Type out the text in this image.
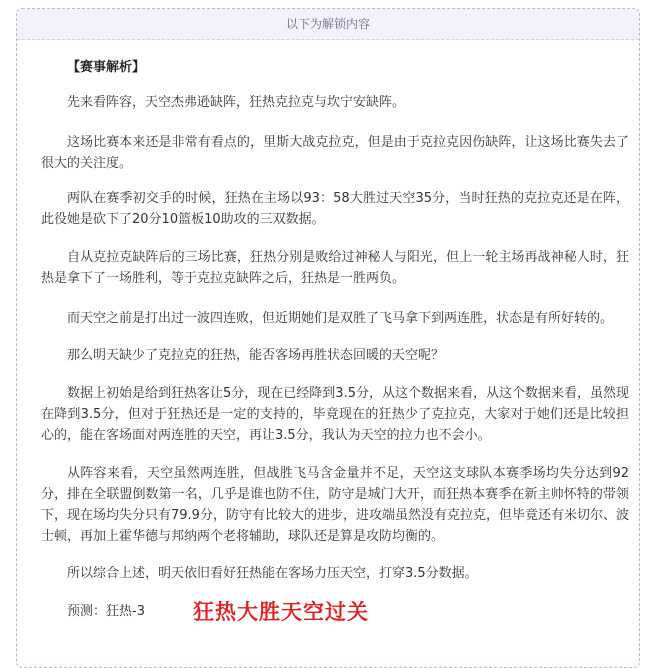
以下为解锁内容
【赛事解析】

先来看阵容，天空杰弗逊缺阵，狂热克拉克与坎宁安缺阵。

这场比赛本来还是非常有看点的，里斯大战克拉克，但是由于克拉克因伤缺阵，让这场比赛失去了很大的关注度。

两队在赛季初交手的时候，狂热在主场以93：58大胜过天空35分，当时狂热的克拉克还是在阵，此役她是砍下了20分10篮板10助攻的三双数据。

自从克拉克缺阵后的三场比赛，狂热分别是败给过神秘人与阳光，但上一轮主场再战神秘人时，狂热是拿下了一场胜利，等于克拉克缺阵之后，狂热是一胜两负。

而天空之前是打出过一波四连败，但近期她们是双胜了飞马拿下到两连胜，状态是有所好转的。

那么明天缺少了克拉克的狂热，能否客场再胜状态回暖的天空呢？

数据上初始是给到狂热客让5分，现在已经降到3.5分，从这个数据来看，从这个数据来看，虽然现在降到3.5分，但对于狂热还是一定的支持的，毕竟现在的狂热少了克拉克，大家对于她们还是比较担心的，能在客场面对两连胜的天空，再让3.5分，我认为天空的拉力也不会小。

从阵容来看，天空虽然两连胜，但战胜飞马含金量并不足，天空这支球队本赛季场均失分达到92分，排在全联盟倒数第一名，几乎是谁也防不住，防守是城门大开，而狂热本赛季在新主帅怀特的带领下，现在场均失分只有79.9分，防守有比较大的进步，进攻端虽然没有克拉克，但毕竟还有米切尔、波士顿，再加上霍华德与邦纳两个老将辅助，球队还是算是攻防均衡的。

所以综合上述，明天依旧看好狂热能在客场力压天空，打穿3.5分数据。

预测：狂热-3 狂热大胜天空过关
